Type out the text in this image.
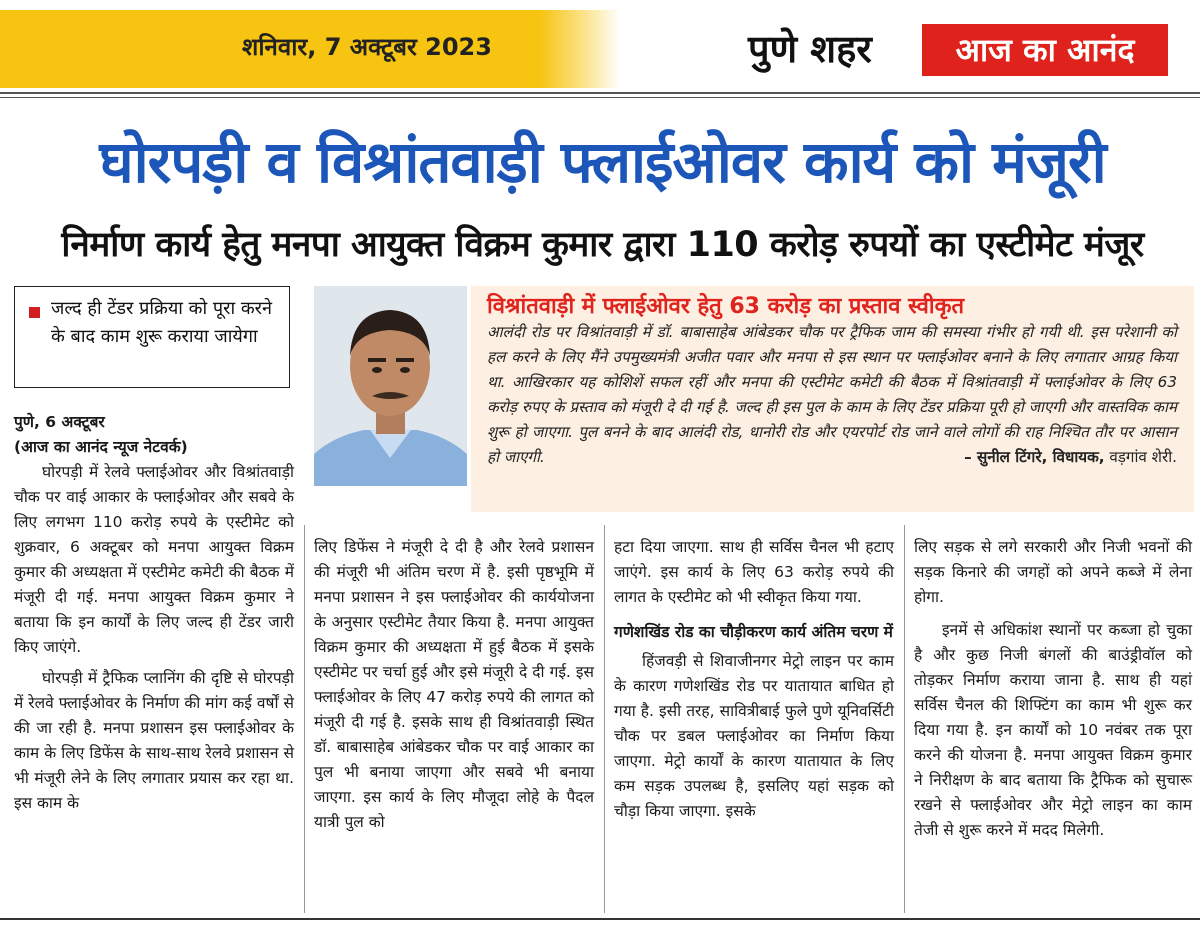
शनिवार, 7 अक्टूबर 2023	पुणे शहर	आज का आनंद
घोरपड़ी व विश्रांतवाड़ी फ्लाईओवर कार्य को मंजूरी
निर्माण कार्य हेतु मनपा आयुक्त विक्रम कुमार द्वारा 110 करोड़ रुपयों का एस्टीमेट मंजूर
जल्द ही टेंडर प्रक्रिया को पूरा करने के बाद काम शुरू कराया जायेगा

पुणे, 6 अक्टूबर

(आज का आनंद न्यूज नेटवर्क)

घोरपड़ी में रेलवे फ्लाईओवर और विश्रांतवाड़ी चौक पर वाई आकार के फ्लाईओवर और सबवे के लिए लगभग 110 करोड़ रुपये के एस्टीमेट को शुक्रवार, 6 अक्टूबर को मनपा आयुक्त विक्रम कुमार की अध्यक्षता में एस्टीमेट कमेटी की बैठक में मंजूरी दी गई. मनपा आयुक्त विक्रम कुमार ने बताया कि इन कार्यों के लिए जल्द ही टेंडर जारी किए जाएंगे.

घोरपड़ी में ट्रैफिक प्लानिंग की दृष्टि से घोरपड़ी में रेलवे फ्लाईओवर के निर्माण की मांग कई वर्षों से की जा रही है. मनपा प्रशासन इस फ्लाईओवर के काम के लिए डिफेंस के साथ-साथ रेलवे प्रशासन से भी मंजूरी लेने के लिए लगातार प्रयास कर रहा था. इस काम के

विश्रांतवाड़ी में फ्लाईओवर हेतु 63 करोड़ का प्रस्ताव स्वीकृत
आलंदी रोड पर विश्रांतवाड़ी में डॉ. बाबासाहेब आंबेडकर चौक पर ट्रैफिक जाम की समस्या गंभीर हो गयी थी. इस परेशानी को हल करने के लिए मैंने उपमुख्यमंत्री अजीत पवार और मनपा से इस स्थान पर फ्लाईओवर बनाने के लिए लगातार आग्रह किया था. आखिरकार यह कोशिशें सफल रहीं और मनपा की एस्टीमेट कमेटी की बैठक में विश्रांतवाड़ी में फ्लाईओवर के लिए 63 करोड़ रुपए के प्रस्ताव को मंजूरी दे दी गई है. जल्द ही इस पुल के काम के लिए टेंडर प्रक्रिया पूरी हो जाएगी और वास्तविक काम शुरू हो जाएगा. पुल बनने के बाद आलंदी रोड, धानोरी रोड और एयरपोर्ट रोड जाने वाले लोगों की राह निश्चित तौर पर आसान हो जाएगी.	– सुनील टिंगरे, विधायक, वड़गांव शेरी.

लिए डिफेंस ने मंजूरी दे दी है और रेलवे प्रशासन की मंजूरी भी अंतिम चरण में है. इसी पृष्ठभूमि में मनपा प्रशासन ने इस फ्लाईओवर की कार्ययोजना के अनुसार एस्टीमेट तैयार किया है. मनपा आयुक्त विक्रम कुमार की अध्यक्षता में हुई बैठक में इसके एस्टीमेट पर चर्चा हुई और इसे मंजूरी दे दी गई. इस फ्लाईओवर के लिए 47 करोड़ रुपये की लागत को मंजूरी दी गई है. इसके साथ ही विश्रांतवाड़ी स्थित डॉ. बाबासाहेब आंबेडकर चौक पर वाई आकार का पुल भी बनाया जाएगा और सबवे भी बनाया जाएगा. इस कार्य के लिए मौजूदा लोहे के पैदल यात्री पुल को

हटा दिया जाएगा. साथ ही सर्विस चैनल भी हटाए जाएंगे. इस कार्य के लिए 63 करोड़ रुपये की लागत के एस्टीमेट को भी स्वीकृत किया गया.

गणेशखिंड रोड का चौड़ीकरण कार्य अंतिम चरण में

हिंजवड़ी से शिवाजीनगर मेट्रो लाइन पर काम के कारण गणेशखिंड रोड पर यातायात बाधित हो गया है. इसी तरह, सावित्रीबाई फुले पुणे यूनिवर्सिटी चौक पर डबल फ्लाईओवर का निर्माण किया जाएगा. मेट्रो कार्यों के कारण यातायात के लिए कम सड़क उपलब्ध है, इसलिए यहां सड़क को चौड़ा किया जाएगा. इसके

लिए सड़क से लगे सरकारी और निजी भवनों की सड़क किनारे की जगहों को अपने कब्जे में लेना होगा.

इनमें से अधिकांश स्थानों पर कब्जा हो चुका है और कुछ निजी बंगलों की बाउंड्रीवॉल को तोड़कर निर्माण कराया जाना है. साथ ही यहां सर्विस चैनल की शिफ्टिंग का काम भी शुरू कर दिया गया है. इन कार्यों को 10 नवंबर तक पूरा करने की योजना है. मनपा आयुक्त विक्रम कुमार ने निरीक्षण के बाद बताया कि ट्रैफिक को सुचारू रखने से फ्लाईओवर और मेट्रो लाइन का काम तेजी से शुरू करने में मदद मिलेगी.
